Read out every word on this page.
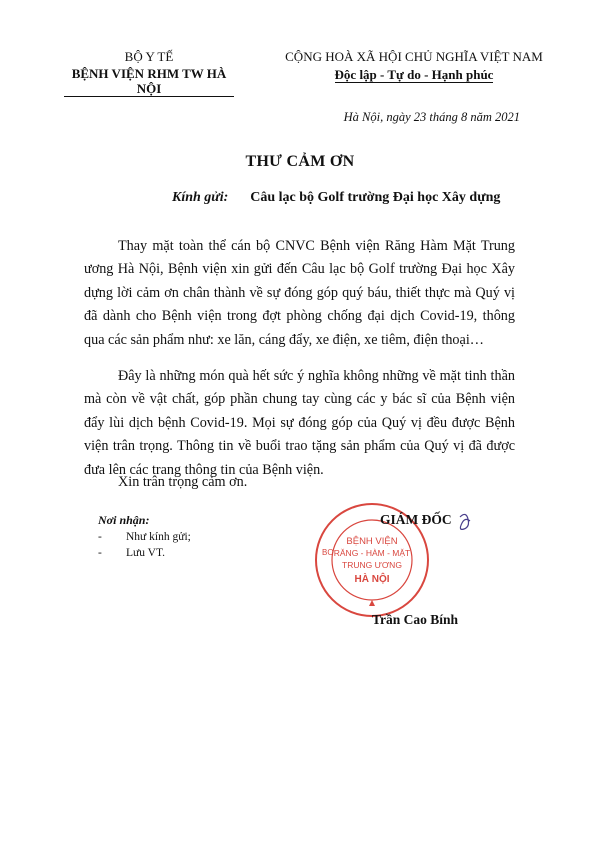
BỘ Y TẾ
BỆNH VIỆN RHM TW HÀ NỘI
CỘNG HOÀ XÃ HỘI CHỦ NGHĨA VIỆT NAM
Độc lập - Tự do - Hạnh phúc
Hà Nội, ngày 23 tháng 8 năm 2021
THƯ CẢM ƠN
Kính gửi: Câu lạc bộ Golf trường Đại học Xây dựng

Thay mặt toàn thể cán bộ CNVC Bệnh viện Răng Hàm Mặt Trung ương Hà Nội, Bệnh viện xin gửi đến Câu lạc bộ Golf trường Đại học Xây dựng lời cảm ơn chân thành về sự đóng góp quý báu, thiết thực mà Quý vị đã dành cho Bệnh viện trong đợt phòng chống đại dịch Covid-19, thông qua các sản phẩm như: xe lăn, cáng đẩy, xe điện, xe tiêm, điện thoại…

Đây là những món quà hết sức ý nghĩa không những về mặt tinh thần mà còn về vật chất, góp phần chung tay cùng các y bác sĩ của Bệnh viện đẩy lùi dịch bệnh Covid-19. Mọi sự đóng góp của Quý vị đều được Bệnh viện trân trọng. Thông tin về buổi trao tặng sản phẩm của Quý vị đã được đưa lên các trang thông tin của Bệnh viện.

Xin trân trọng cảm ơn.

Nơi nhận:
- Như kính gửi;
- Lưu VT.	BO
BỆNH VIỆN
RĂNG - HÀM - MẶT
TRUNG ƯƠNG
HÀ NỘI
GIÁM ĐỐC
Trần Cao Bính
